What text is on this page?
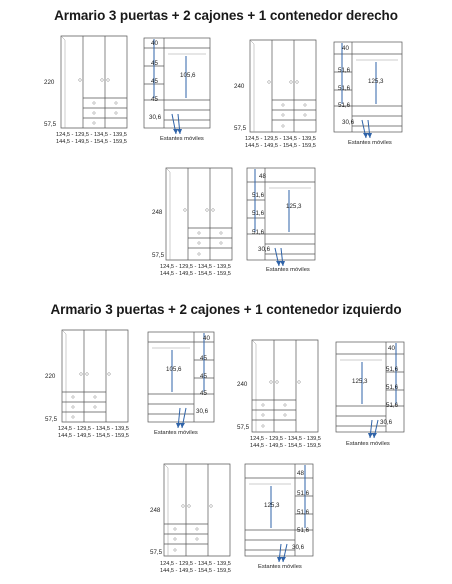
Armario 3 puertas + 2 cajones + 1 contenedor derecho
220
57,5
124,5 - 129,5 - 134,5 - 139,5
144,5 - 149,5 - 154,5 - 159,5
40
45
45
45
105,6
30,6
Estantes móviles
240
57,5
124,5 - 129,5 - 134,5 - 139,5
144,5 - 149,5 - 154,5 - 159,5
40
51,6
51,6
51,6
125,3
30,6
Estantes móviles
248
57,5
124,5 - 129,5 - 134,5 - 139,5
144,5 - 149,5 - 154,5 - 159,5
48
51,6
51,6
51,6
125,3
30,6
Estantes móviles
Armario 3 puertas + 2 cajones + 1 contenedor izquierdo
220
57,5
124,5 - 129,5 - 134,5 - 139,5
144,5 - 149,5 - 154,5 - 159,5
40
45
45
45
105,6
30,6
Estantes móviles
240
57,5
124,5 - 129,5 - 134,5 - 139,5
144,5 - 149,5 - 154,5 - 159,5
40
51,6
51,6
51,6
125,3
30,6
Estantes móviles
248
57,5
124,5 - 129,5 - 134,5 - 139,5
144,5 - 149,5 - 154,5 - 159,5
48
51,6
51,6
51,6
125,3
30,6
Estantes móviles
